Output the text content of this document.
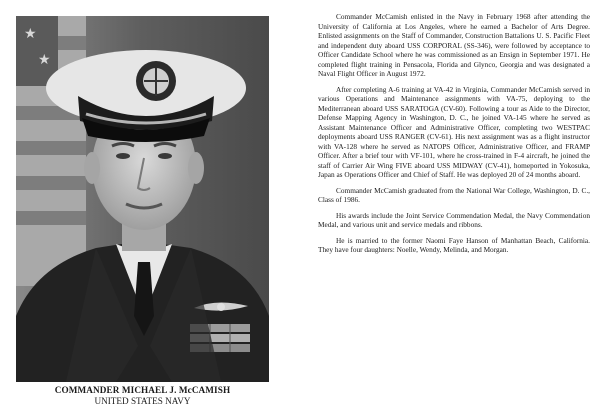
★
★
COMMANDER MICHAEL J. McCAMISH
UNITED STATES NAVY

Commander McCamish enlisted in the Navy in February 1968 after attending the University of California at Los Angeles, where he earned a Bachelor of Arts Degree. Enlisted assignments on the Staff of Commander, Construction Battalions U. S. Pacific Fleet and independent duty aboard USS CORPORAL (SS-346), were followed by acceptance to Officer Candidate School where he was commissioned as an Ensign in September 1971. He completed flight training in Pensacola, Florida and Glynco, Georgia and was designated a Naval Flight Officer in August 1972.

After completing A-6 training at VA-42 in Virginia, Commander McCamish served in various Operations and Maintenance assignments with VA-75, deploying to the Mediterranean aboard USS SARATOGA (CV-60). Following a tour as Aide to the Director, Defense Mapping Agency in Washington, D. C., he joined VA-145 where he served as Assistant Maintenance Officer and Administrative Officer, completing two WESTPAC deployments aboard USS RANGER (CV-61). His next assignment was as a flight instructor with VA-128 where he served as NATOPS Officer, Administrative Officer, and FRAMP Officer. After a brief tour with VF-101, where he cross-trained in F-4 aircraft, he joined the staff of Carrier Air Wing FIVE aboard USS MIDWAY (CV-41), homeported in Yokosuka, Japan as Operations Officer and Chief of Staff. He was deployed 20 of 24 months aboard.

Commander McCamish graduated from the National War College, Washington, D. C., Class of 1986.

His awards include the Joint Service Commendation Medal, the Navy Commendation Medal, and various unit and service medals and ribbons.

He is married to the former Naomi Faye Hanson of Manhattan Beach, California. They have four daughters: Noelle, Wendy, Melinda, and Morgan.
